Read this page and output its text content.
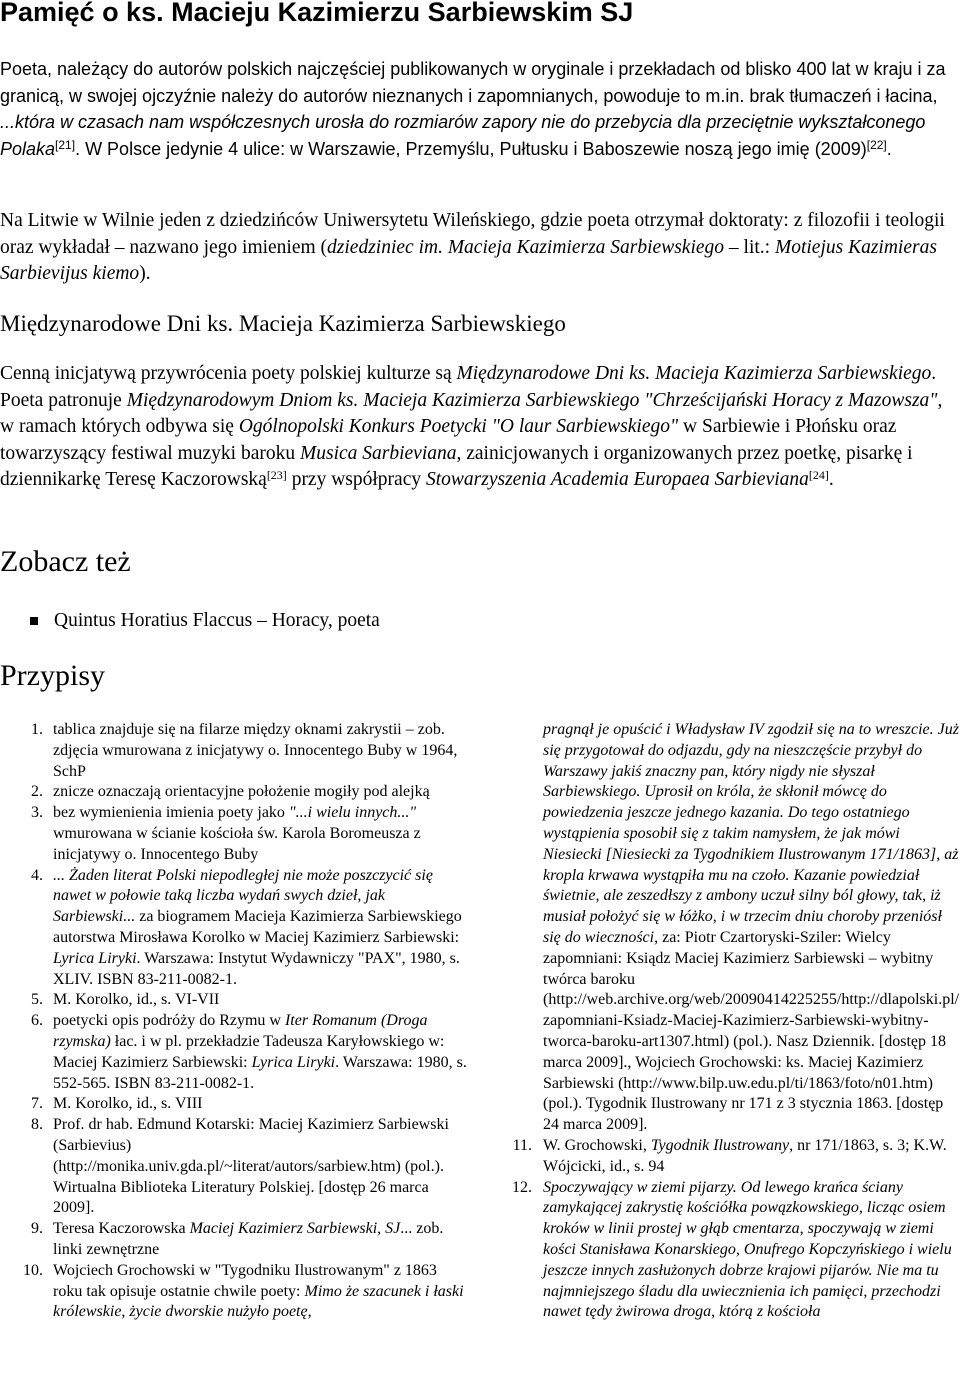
Pamięć o ks. Macieju Kazimierzu Sarbiewskim SJ

Poeta, należący do autorów polskich najczęściej publikowanych w oryginale i przekładach od blisko 400 lat w kraju i za granicą, w swojej ojczyźnie należy do autorów nieznanych i zapomnianych, powoduje to m.in. brak tłumaczeń i łacina, ...która w czasach nam współczesnych urosła do rozmiarów zapory nie do przebycia dla przeciętnie wykształconego Polaka[21]. W Polsce jedynie 4 ulice: w Warszawie, Przemyślu, Pułtusku i Baboszewie noszą jego imię (2009)[22].

Na Litwie w Wilnie jeden z dziedzińców Uniwersytetu Wileńskiego, gdzie poeta otrzymał doktoraty: z filozofii i teologii oraz wykładał – nazwano jego imieniem (dziedziniec im. Macieja Kazimierza Sarbiewskiego – lit.: Motiejus Kazimieras Sarbievijus kiemo).

Międzynarodowe Dni ks. Macieja Kazimierza Sarbiewskiego

Cenną inicjatywą przywrócenia poety polskiej kulturze są Międzynarodowe Dni ks. Macieja Kazimierza Sarbiewskiego. Poeta patronuje Międzynarodowym Dniom ks. Macieja Kazimierza Sarbiewskiego "Chrześcijański Horacy z Mazowsza", w ramach których odbywa się Ogólnopolski Konkurs Poetycki "O laur Sarbiewskiego" w Sarbiewie i Płońsku oraz towarzyszący festiwal muzyki baroku Musica Sarbieviana, zainicjowanych i organizowanych przez poetkę, pisarkę i dziennikarkę Teresę Kaczorowską[23] przy współpracy Stowarzyszenia Academia Europaea Sarbieviana[24].

Zobacz też
Quintus Horatius Flaccus – Horacy, poeta
Przypisy
1. tablica znajduje się na filarze między oknami zakrystii – zob. zdjęcia wmurowana z inicjatywy o. Innocentego Buby w 1964, SchP
2. znicze oznaczają orientacyjne położenie mogiły pod alejką
3. bez wymienienia imienia poety jako "...i wielu innych..." wmurowana w ścianie kościoła św. Karola Boromeusza z inicjatywy o. Innocentego Buby
4. ... Żaden literat Polski niepodległej nie może poszczycić się nawet w połowie taką liczba wydań swych dzieł, jak Sarbiewski... za biogramem Macieja Kazimierza Sarbiewskiego autorstwa Mirosława Korolko w Maciej Kazimierz Sarbiewski: Lyrica Liryki. Warszawa: Instytut Wydawniczy "PAX", 1980, s. XLIV. ISBN 83-211-0082-1.
5. M. Korolko, id., s. VI-VII
6. poetycki opis podróży do Rzymu w Iter Romanum (Droga rzymska) łac. i w pl. przekładzie Tadeusza Karyłowskiego w: Maciej Kazimierz Sarbiewski: Lyrica Liryki. Warszawa: 1980, s. 552-565. ISBN 83-211-0082-1.
7. M. Korolko, id., s. VIII
8. Prof. dr hab. Edmund Kotarski: Maciej Kazimierz Sarbiewski (Sarbievius) (http://monika.univ.gda.pl/~literat/autors/sarbiew.htm) (pol.). Wirtualna Biblioteka Literatury Polskiej. [dostęp 26 marca 2009].
9. Teresa Kaczorowska Maciej Kazimierz Sarbiewski, SJ... zob. linki zewnętrzne
10. Wojciech Grochowski w "Tygodniku Ilustrowanym" z 1863 roku tak opisuje ostatnie chwile poety: Mimo że szacunek i łaski królewskie, życie dworskie nużyło poetę,
pragnął je opuścić i Władysław IV zgodził się na to wreszcie. Już się przygotował do odjazdu, gdy na nieszczęście przybył do Warszawy jakiś znaczny pan, który nigdy nie słyszał Sarbiewskiego. Uprosił on króla, że skłonił mówcę do powiedzenia jeszcze jednego kazania. Do tego ostatniego wystąpienia sposobił się z takim namysłem, że jak mówi Niesiecki [Niesiecki za Tygodnikiem Ilustrowanym 171/1863], aż kropla krwawa wystąpiła mu na czoło. Kazanie powiedział świetnie, ale zeszedłszy z ambony uczuł silny ból głowy, tak, iż musiał położyć się w łóżko, i w trzecim dniu choroby przeniósł się do wieczności, za: Piotr Czartoryski-Sziler: Wielcy zapomniani: Ksiądz Maciej Kazimierz Sarbiewski – wybitny twórca baroku (http://web.archive.org/web/20090414225255/http://dlapolski.pl/ zapomniani-Ksiadz-Maciej-Kazimierz-Sarbiewski-wybitny-tworca-baroku-art1307.html) (pol.). Nasz Dziennik. [dostęp 18 marca 2009]., Wojciech Grochowski: ks. Maciej Kazimierz Sarbiewski (http://www.bilp.uw.edu.pl/ti/1863/foto/n01.htm) (pol.). Tygodnik Ilustrowany nr 171 z 3 stycznia 1863. [dostęp 24 marca 2009].
11. W. Grochowski, Tygodnik Ilustrowany, nr 171/1863, s. 3; K.W. Wójcicki, id., s. 94
12. Spoczywający w ziemi pijarzy. Od lewego krańca ściany zamykającej zakrystię kościółka powązkowskiego, licząc osiem kroków w linii prostej w głąb cmentarza, spoczywają w ziemi kości Stanisława Konarskiego, Onufrego Kopczyńskiego i wielu jeszcze innych zasłużonych dobrze krajowi pijarów. Nie ma tu najmniejszego śladu dla uwiecznienia ich pamięci, przechodzi nawet tędy żwirowa droga, którą z kościoła
